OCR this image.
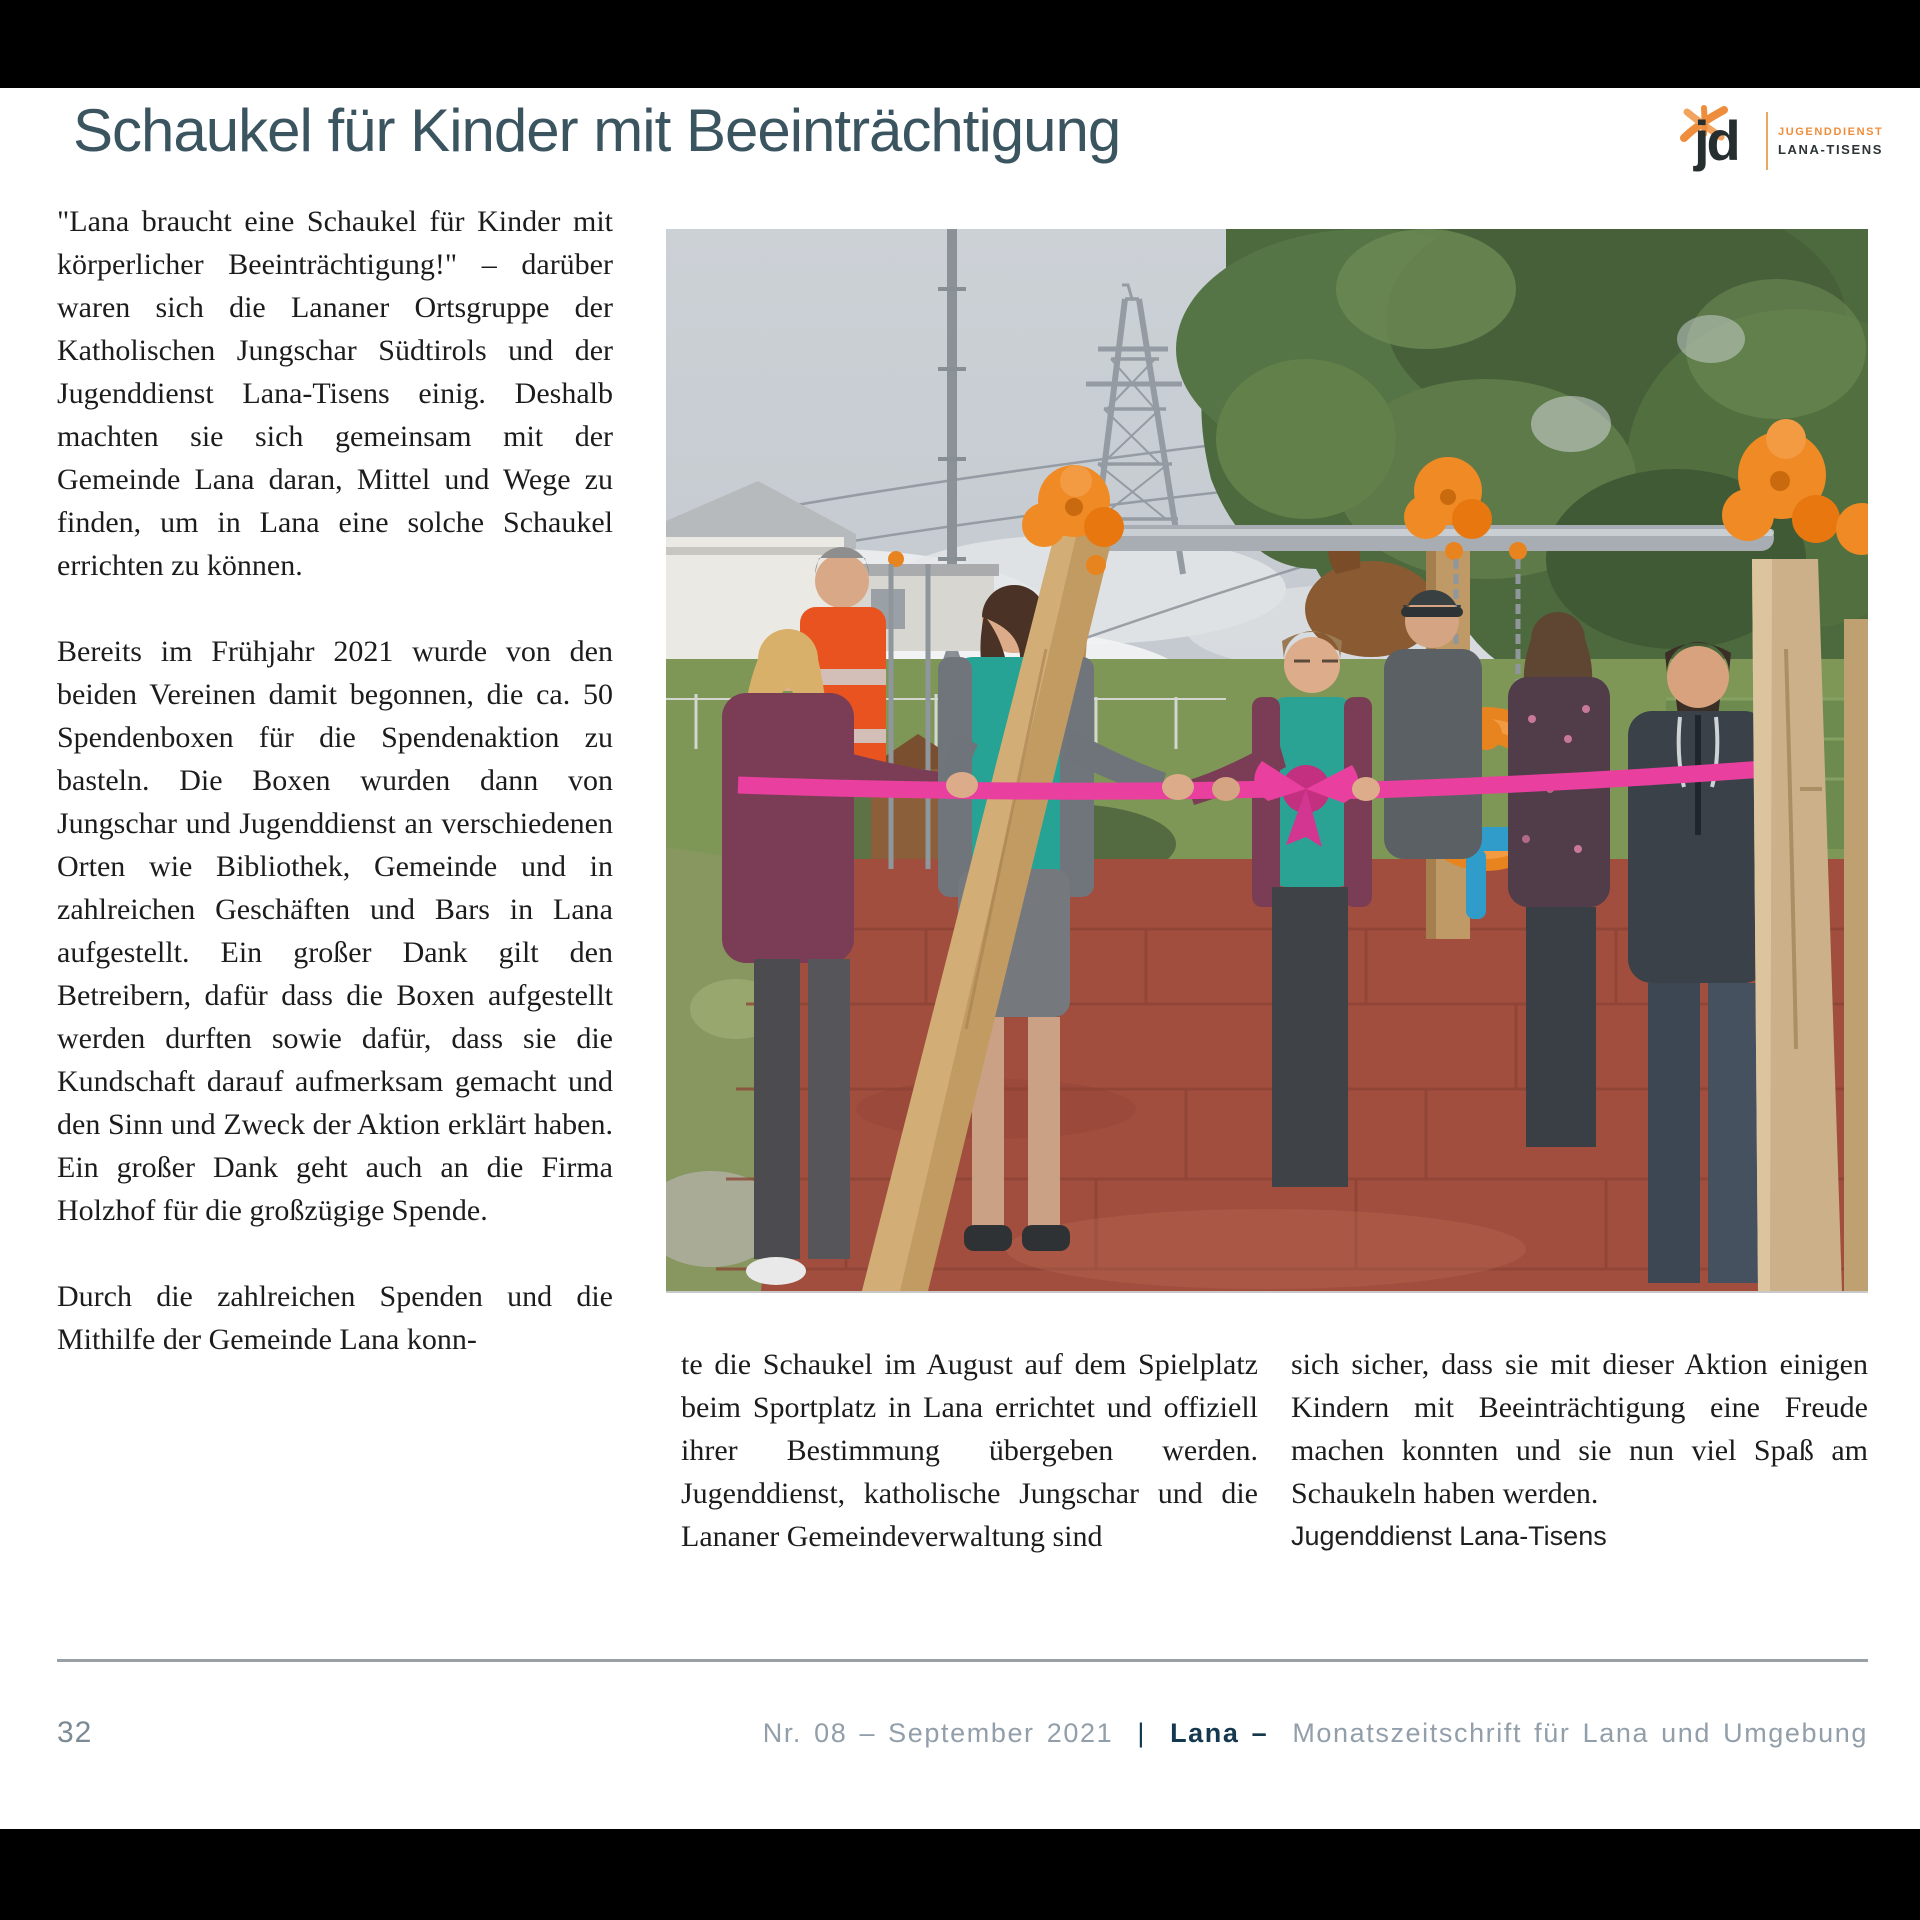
Schaukel für Kinder mit Beeinträchtigung	jd	JUGENDDIENST
LANA-TISENS

"Lana braucht eine Schaukel für Kinder mit körperlicher Beeinträchtigung!" – darüber waren sich die Lananer Ortsgruppe der Katholischen Jungschar Südtirols und der Jugenddienst Lana-Tisens einig. Deshalb machten sie sich gemeinsam mit der Gemeinde Lana daran, Mittel und Wege zu finden, um in Lana eine solche Schaukel errichten zu können.

Bereits im Frühjahr 2021 wurde von den beiden Vereinen damit begonnen, die ca. 50 Spendenboxen für die Spendenaktion zu basteln. Die Boxen wurden dann von Jungschar und Jugenddienst an verschiedenen Orten wie Bibliothek, Gemeinde und in zahlreichen Geschäften und Bars in Lana aufgestellt. Ein großer Dank gilt den Betreibern, dafür dass die Boxen aufgestellt werden durften sowie dafür, dass sie die Kundschaft darauf aufmerksam gemacht und den Sinn und Zweck der Aktion erklärt haben. Ein großer Dank geht auch an die Firma Holzhof für die großzügige Spende.

Durch die zahlreichen Spenden und die Mithilfe der Gemeinde Lana konn-

te die Schaukel im August auf dem Spielplatz beim Sportplatz in Lana errichtet und offiziell ihrer Bestimmung übergeben werden. Jugenddienst, katholische Jungschar und die Lananer Gemeindeverwaltung sind

sich sicher, dass sie mit dieser Aktion einigen Kindern mit Beeinträchtigung eine Freude machen konnten und sie nun viel Spaß am Schaukeln haben werden.

Jugenddienst Lana-Tisens

32	Nr. 08 – September 2021 | Lana – Monatszeitschrift für Lana und Umgebung
